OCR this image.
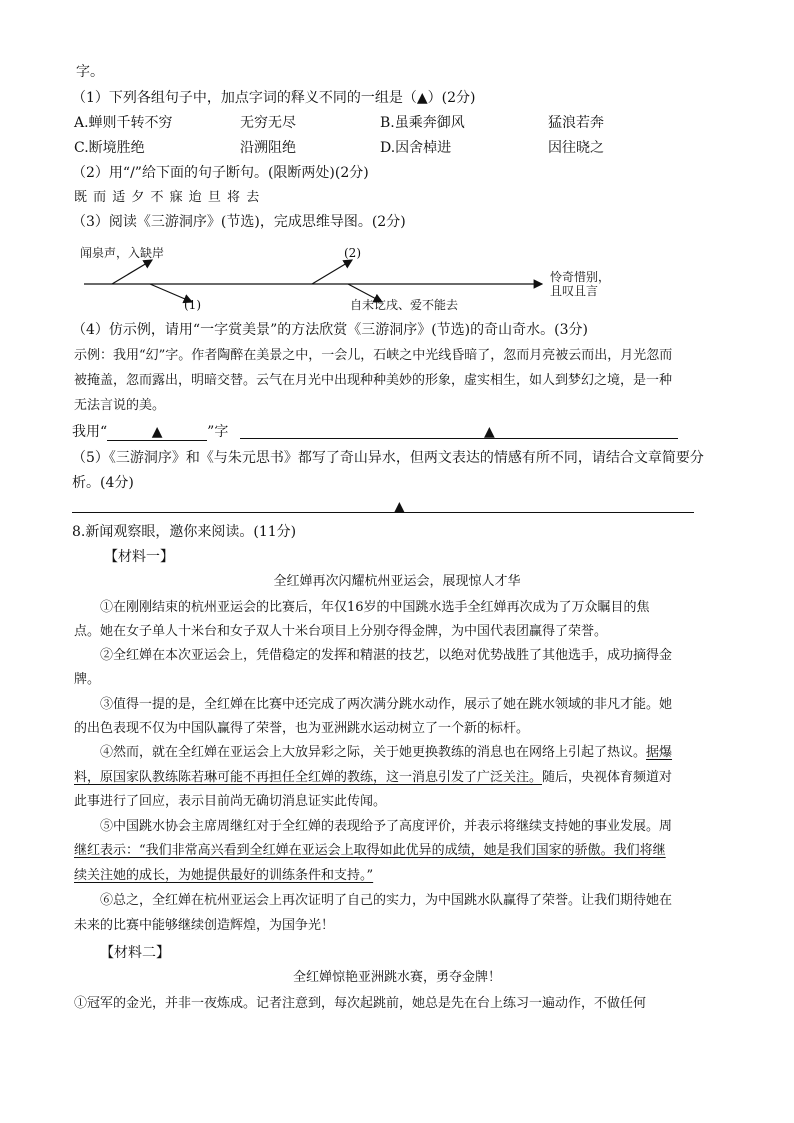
字。
（1）下列各组句子中，加点字词的释义不同的一组是（▲）(2分)
A.蝉则千转不穷	无穷无尽	B.虽乘奔御风	猛浪若奔
C.断境胜绝	沿溯阻绝	D.因舍棹进	因往晓之
（2）用“/”给下面的句子断句。(限断两处)(2分)
既 而 适 夕 不 寐 迨 旦 将 去
（3）阅读《三游洞序》(节选)，完成思维导图。(2分)
闻泉声，入缺岸
(1)
(2)
自未讫戌、爱不能去
怜奇惜别，
且叹且言
（4）仿示例，请用“一字赏美景”的方法欣赏《三游洞序》(节选)的奇山奇水。(3分)
示例：我用“幻”字。作者陶醉在美景之中，一会儿，石峡之中光线昏暗了，忽而月亮被云而出，月光忽而
被掩盖，忽而露出，明暗交替。云气在月光中出现种种美妙的形象，虚实相生，如人到梦幻之境，是一种
无法言说的美。
我用“	▲	”字	▲
（5）《三游洞序》和《与朱元思书》都写了奇山异水，但两文表达的情感有所不同，请结合文章简要分
析。(4分)
▲
8.新闻观察眼，邀你来阅读。(11分)
【材料一】
全红婵再次闪耀杭州亚运会，展现惊人才华
①在刚刚结束的杭州亚运会的比赛后，年仅16岁的中国跳水选手全红婵再次成为了万众瞩目的焦
点。她在女子单人十米台和女子双人十米台项目上分别夺得金牌，为中国代表团赢得了荣誉。
②全红婵在本次亚运会上，凭借稳定的发挥和精湛的技艺，以绝对优势战胜了其他选手，成功摘得金
牌。
③值得一提的是，全红婵在比赛中还完成了两次满分跳水动作，展示了她在跳水领域的非凡才能。她
的出色表现不仅为中国队赢得了荣誉，也为亚洲跳水运动树立了一个新的标杆。
④然而，就在全红婵在亚运会上大放异彩之际，关于她更换教练的消息也在网络上引起了热议。据爆
料，原国家队教练陈若琳可能不再担任全红婵的教练，这一消息引发了广泛关注。随后，央视体育频道对
此事进行了回应，表示目前尚无确切消息证实此传闻。
⑤中国跳水协会主席周继红对于全红婵的表现给予了高度评价，并表示将继续支持她的事业发展。周
继红表示：“我们非常高兴看到全红婵在亚运会上取得如此优异的成绩，她是我们国家的骄傲。我们将继
续关注她的成长，为她提供最好的训练条件和支持。”
⑥总之，全红婵在杭州亚运会上再次证明了自己的实力，为中国跳水队赢得了荣誉。让我们期待她在
未来的比赛中能够继续创造辉煌，为国争光！
【材料二】
全红婵惊艳亚洲跳水赛，勇夺金牌！
①冠军的金光，并非一夜炼成。记者注意到，每次起跳前，她总是先在台上练习一遍动作，不做任何
